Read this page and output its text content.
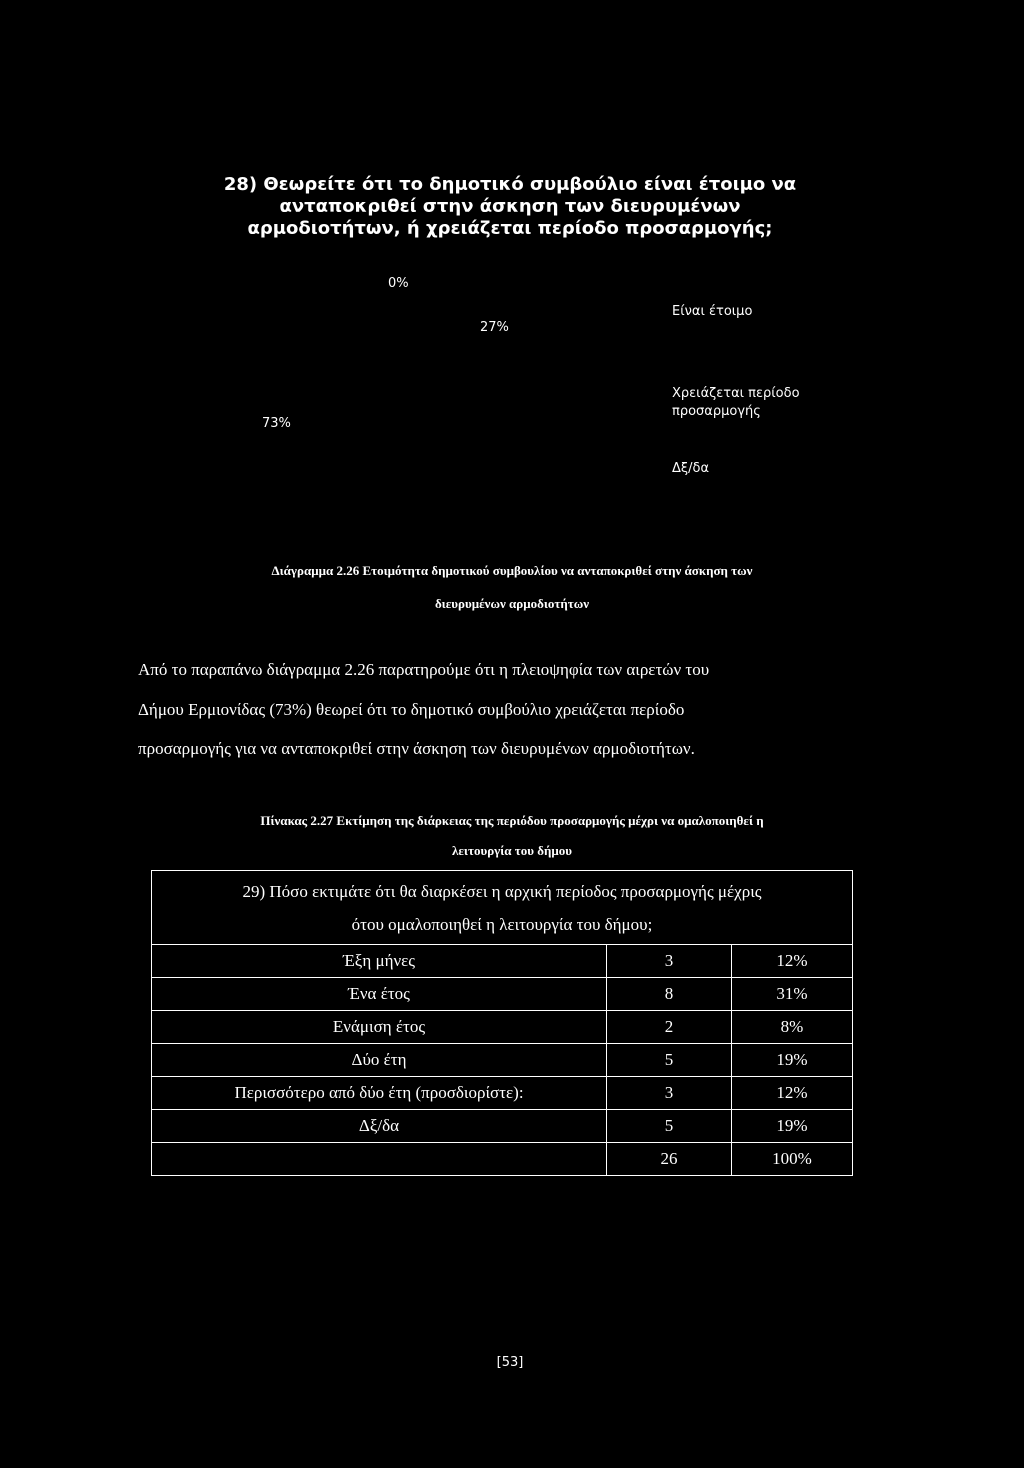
28) Θεωρείτε ότι το δημοτικό συμβούλιο είναι έτοιμο να ανταποκριθεί στην άσκηση των διευρυμένων αρμοδιοτήτων, ή χρειάζεται περίοδο προσαρμογής;
0%
27%
73%
Είναι έτοιμο
Χρειάζεται περίοδο προσαρμογής
Δξ/δα
Διάγραμμα 2.26 Ετοιμότητα δημοτικού συμβουλίου να ανταποκριθεί στην άσκηση των
διευρυμένων αρμοδιοτήτων
Από το παραπάνω διάγραμμα 2.26 παρατηρούμε ότι η πλειοψηφία των αιρετών του
Δήμου Ερμιονίδας (73%) θεωρεί ότι το δημοτικό συμβούλιο χρειάζεται περίοδο
προσαρμογής για να ανταποκριθεί στην άσκηση των διευρυμένων αρμοδιοτήτων.
Πίνακας 2.27 Εκτίμηση της διάρκειας της περιόδου προσαρμογής μέχρι να ομαλοποιηθεί η
λειτουργία του δήμου
29) Πόσο εκτιμάτε ότι θα διαρκέσει η αρχική περίοδος προσαρμογής μέχρις
ότου ομαλοποιηθεί η λειτουργία του δήμου;		

Έξη μήνες	3	12%
Ένα έτος	8	31%
Ενάμιση έτος	2	8%
Δύο έτη	5	19%
Περισσότερο από δύο έτη (προσδιορίστε):	3	12%
Δξ/δα	5	19%
	26	100%
[53]
